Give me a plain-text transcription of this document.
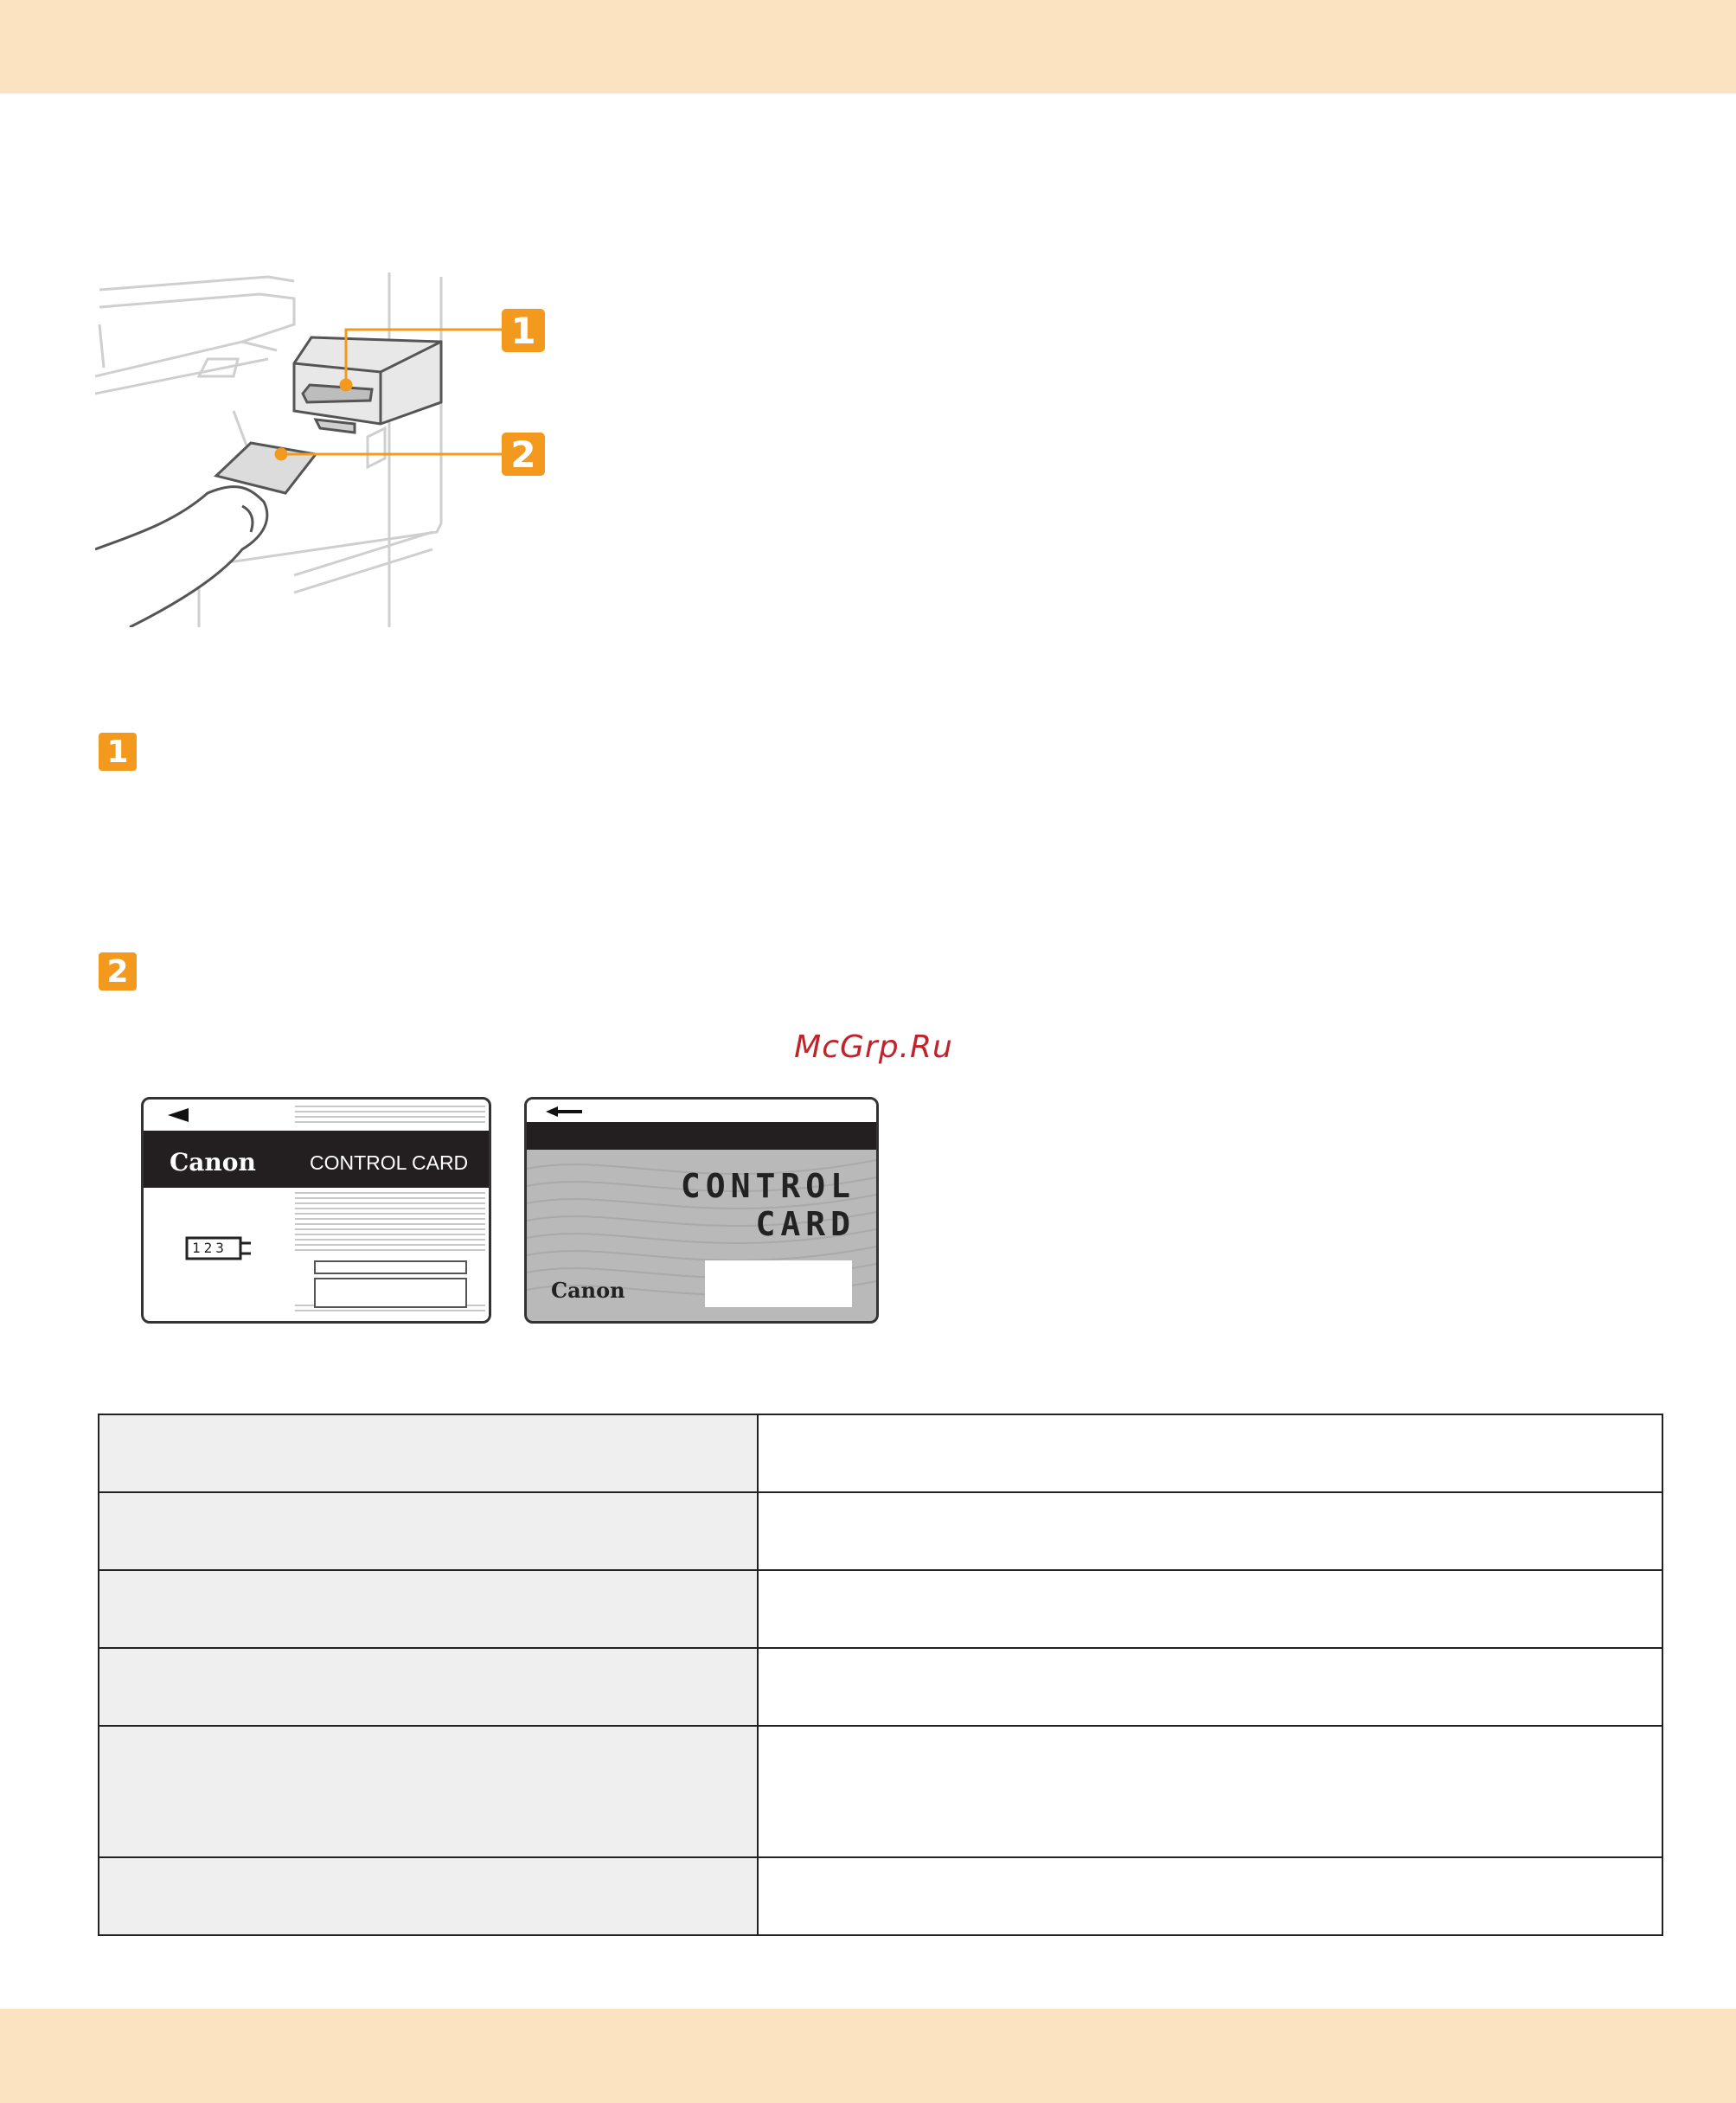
1
2
1
2
McGrp.Ru
Canon	CONTROL CARD
123
CONTROL
CARD
Canon
